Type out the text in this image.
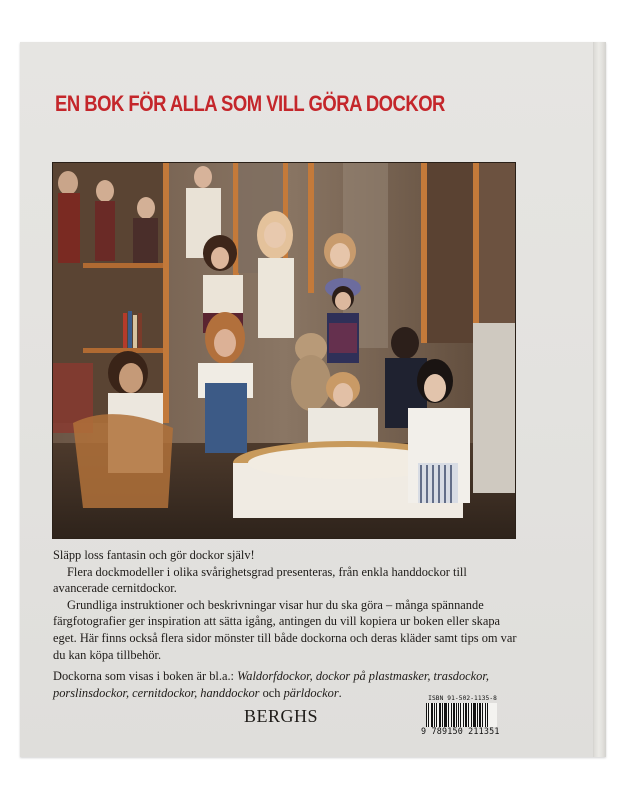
EN BOK FÖR ALLA SOM VILL GÖRA DOCKOR

Släpp loss fantasin och gör dockor själv!

Flera dockmodeller i olika svårighetsgrad presenteras, från enkla handdockor till avancerade cernitdockor.

Grundliga instruktioner och beskrivningar visar hur du ska göra – många spännande färgfotografier ger inspiration att sätta igång, antingen du vill kopiera ur boken eller skapa eget. Här finns också flera sidor mönster till både dockorna och deras kläder samt tips om var du kan köpa tillbehör.

Dockorna som visas i boken är bl.a.: Waldorfdockor, dockor på plastmasker, trasdockor, porslinsdockor, cernitdockor, handdockor och pärldockor.
BERGHS
ISBN 91-502-1135-8
9 789150 211351
